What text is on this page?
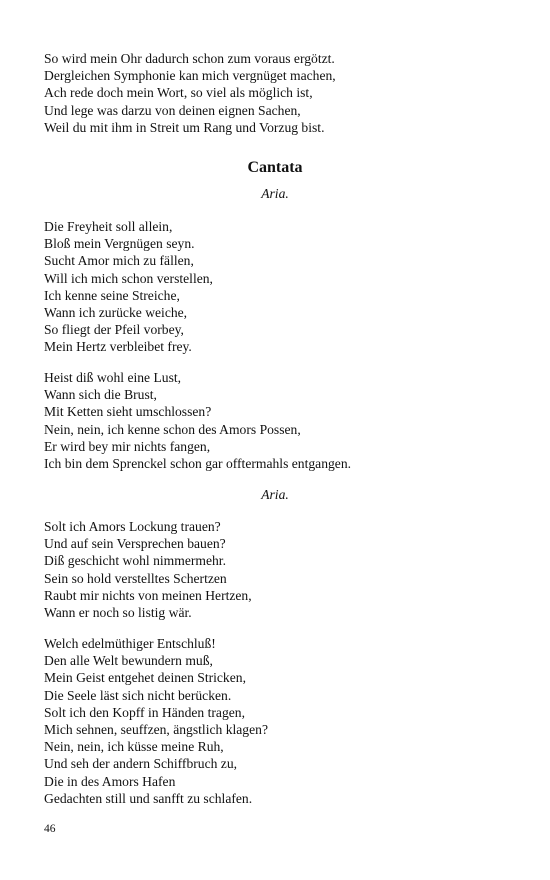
So wird mein Ohr dadurch schon zum voraus ergötzt.
Dergleichen Symphonie kan mich vergnüget machen,
Ach rede doch mein Wort, so viel als möglich ist,
Und lege was darzu von deinen eignen Sachen,
Weil du mit ihm in Streit um Rang und Vorzug bist.
Cantata
Aria.
Die Freyheit soll allein,
Bloß mein Vergnügen seyn.
Sucht Amor mich zu fällen,
Will ich mich schon verstellen,
Ich kenne seine Streiche,
Wann ich zurücke weiche,
So fliegt der Pfeil vorbey,
Mein Hertz verbleibet frey.
Heist diß wohl eine Lust,
Wann sich die Brust,
Mit Ketten sieht umschlossen?
Nein, nein, ich kenne schon des Amors Possen,
Er wird bey mir nichts fangen,
Ich bin dem Sprenckel schon gar offtermahls entgangen.
Aria.
Solt ich Amors Lockung trauen?
Und auf sein Versprechen bauen?
Diß geschicht wohl nimmermehr.
Sein so hold verstelltes Schertzen
Raubt mir nichts von meinen Hertzen,
Wann er noch so listig wär.
Welch edelmüthiger Entschluß!
Den alle Welt bewundern muß,
Mein Geist entgehet deinen Stricken,
Die Seele läst sich nicht berücken.
Solt ich den Kopff in Händen tragen,
Mich sehnen, seuffzen, ängstlich klagen?
Nein, nein, ich küsse meine Ruh,
Und seh der andern Schiffbruch zu,
Die in des Amors Hafen
Gedachten still und sanfft zu schlafen.
46
